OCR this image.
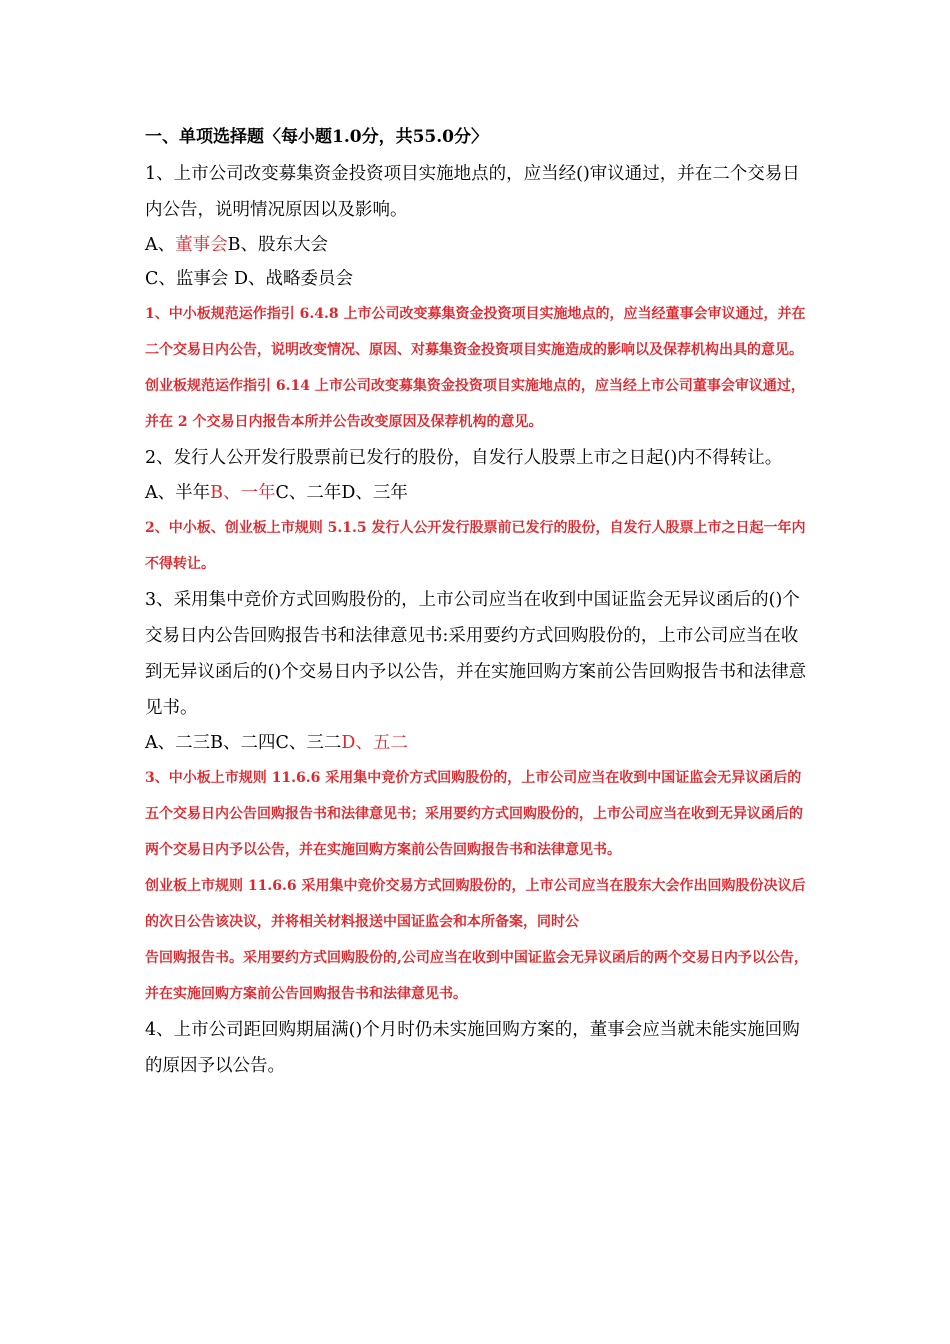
一、单项选择题〈每小题1.0分，共55.0分〉

1、上市公司改变募集资金投资项目实施地点的，应当经()审议通过，并在二个交易日内公告，说明情况原因以及影响。

A、董事会B、股东大会

C、监事会 D、战略委员会

1、中小板规范运作指引 6.4.8 上市公司改变募集资金投资项目实施地点的，应当经董事会审议通过，并在二个交易日内公告，说明改变情况、原因、对募集资金投资项目实施造成的影响以及保荐机构出具的意见。

创业板规范运作指引 6.14 上市公司改变募集资金投资项目实施地点的，应当经上市公司董事会审议通过，并在 2 个交易日内报告本所并公告改变原因及保荐机构的意见。

2、发行人公开发行股票前已发行的股份，自发行人股票上市之日起()内不得转让。

A、半年B、一年C、二年D、三年

2、中小板、创业板上市规则 5.1.5 发行人公开发行股票前已发行的股份，自发行人股票上市之日起一年内不得转让。

3、采用集中竞价方式回购股份的，上市公司应当在收到中国证监会无异议函后的()个交易日内公告回购报告书和法律意见书:采用要约方式回购股份的，上市公司应当在收到无异议函后的()个交易日内予以公告，并在实施回购方案前公告回购报告书和法律意见书。

A、二三B、二四C、三二D、五二

3、中小板上市规则 11.6.6 采用集中竞价方式回购股份的，上市公司应当在收到中国证监会无异议函后的五个交易日内公告回购报告书和法律意见书；采用要约方式回购股份的，上市公司应当在收到无异议函后的两个交易日内予以公告，并在实施回购方案前公告回购报告书和法律意见书。

创业板上市规则 11.6.6 采用集中竞价交易方式回购股份的，上市公司应当在股东大会作出回购股份决议后的次日公告该决议，并将相关材料报送中国证监会和本所备案，同时公

告回购报告书。采用要约方式回购股份的,公司应当在收到中国证监会无异议函后的两个交易日内予以公告，并在实施回购方案前公告回购报告书和法律意见书。

4、上市公司距回购期届满()个月时仍未实施回购方案的，董事会应当就未能实施回购的原因予以公告。
